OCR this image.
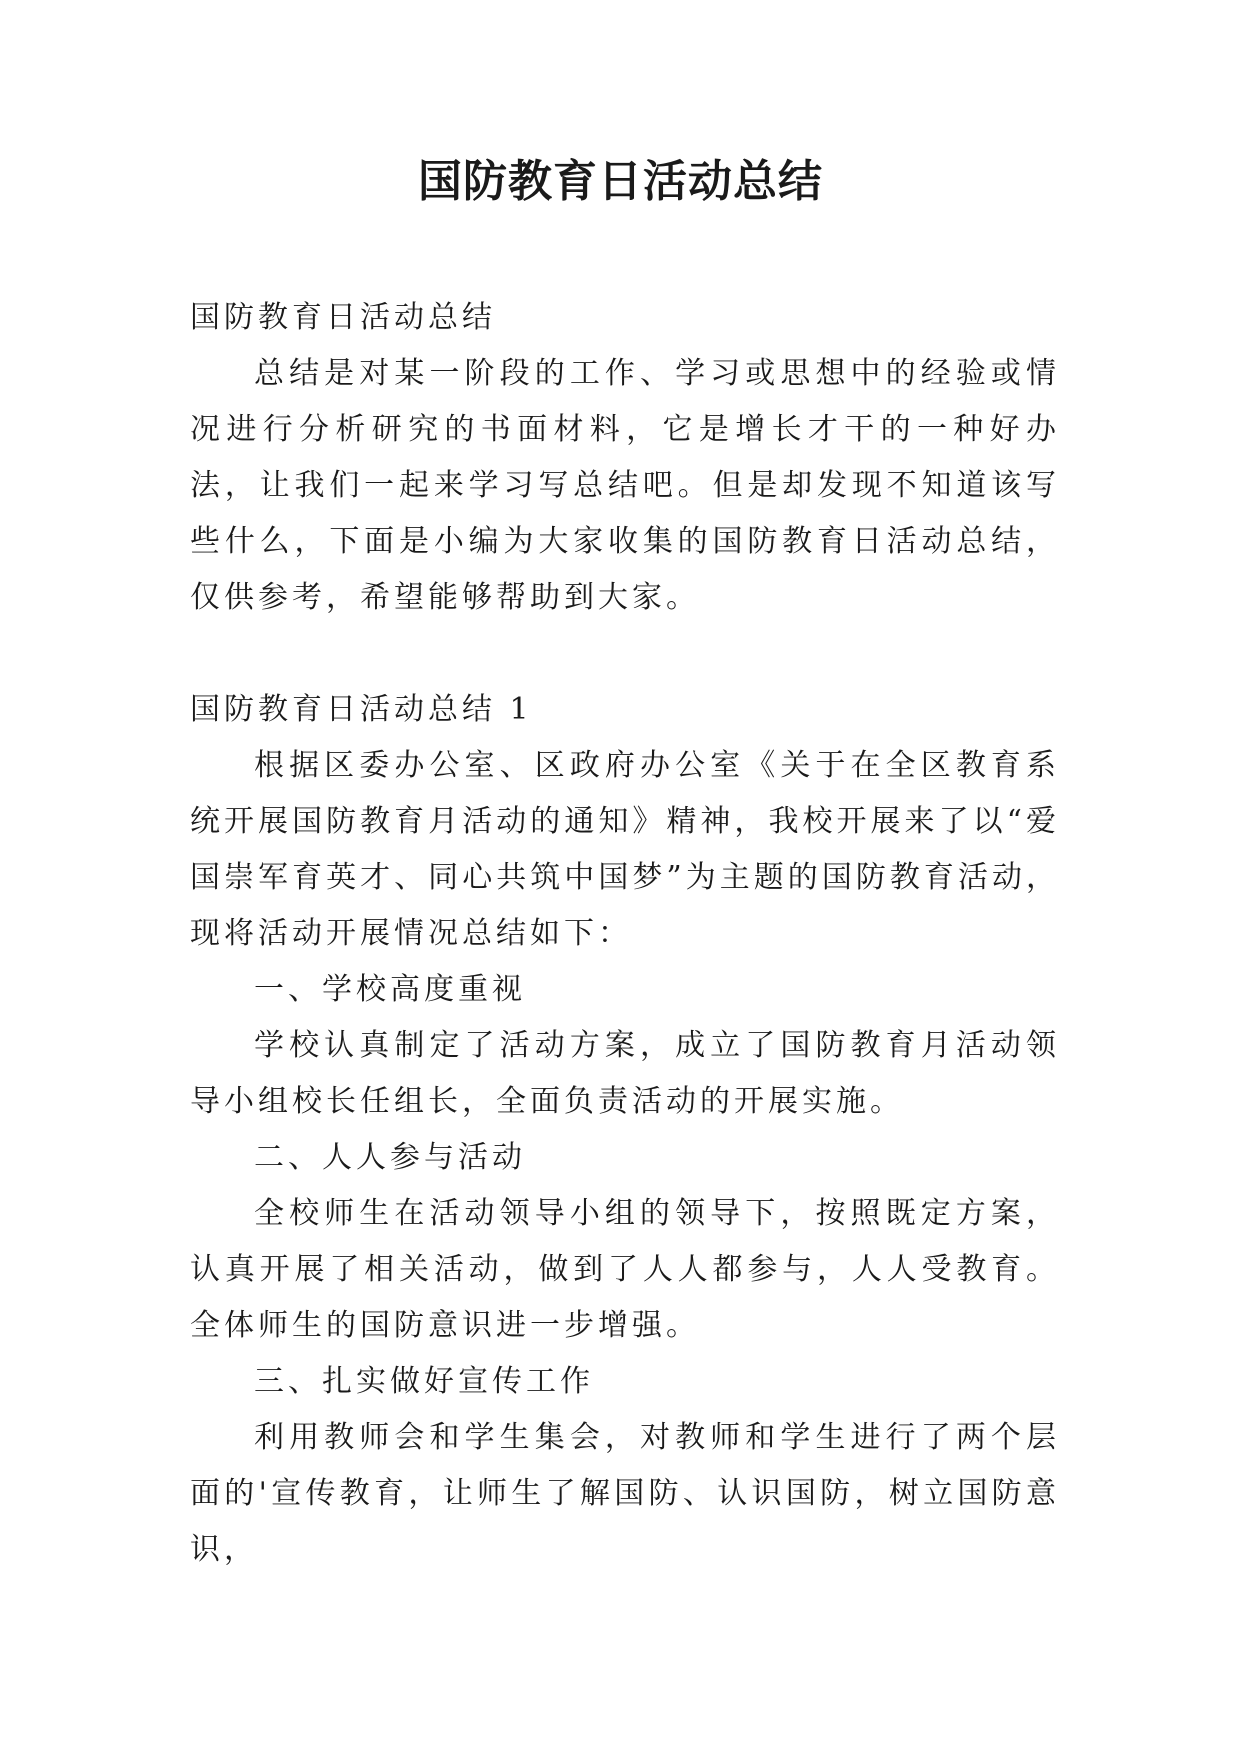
国防教育日活动总结

国防教育日活动总结

总结是对某一阶段的工作、学习或思想中的经验或情况进行分析研究的书面材料，它是增长才干的一种好办法，让我们一起来学习写总结吧。但是却发现不知道该写些什么，下面是小编为大家收集的国防教育日活动总结，仅供参考，希望能够帮助到大家。

国防教育日活动总结 1

根据区委办公室、区政府办公室《关于在全区教育系统开展国防教育月活动的通知》精神，我校开展来了以“爱国崇军育英才、同心共筑中国梦”为主题的国防教育活动，现将活动开展情况总结如下：

一、学校高度重视

学校认真制定了活动方案，成立了国防教育月活动领导小组校长任组长，全面负责活动的开展实施。

二、人人参与活动

全校师生在活动领导小组的领导下，按照既定方案，认真开展了相关活动，做到了人人都参与，人人受教育。全体师生的国防意识进一步增强。

三、扎实做好宣传工作

利用教师会和学生集会，对教师和学生进行了两个层面的'宣传教育，让师生了解国防、认识国防，树立国防意识，
